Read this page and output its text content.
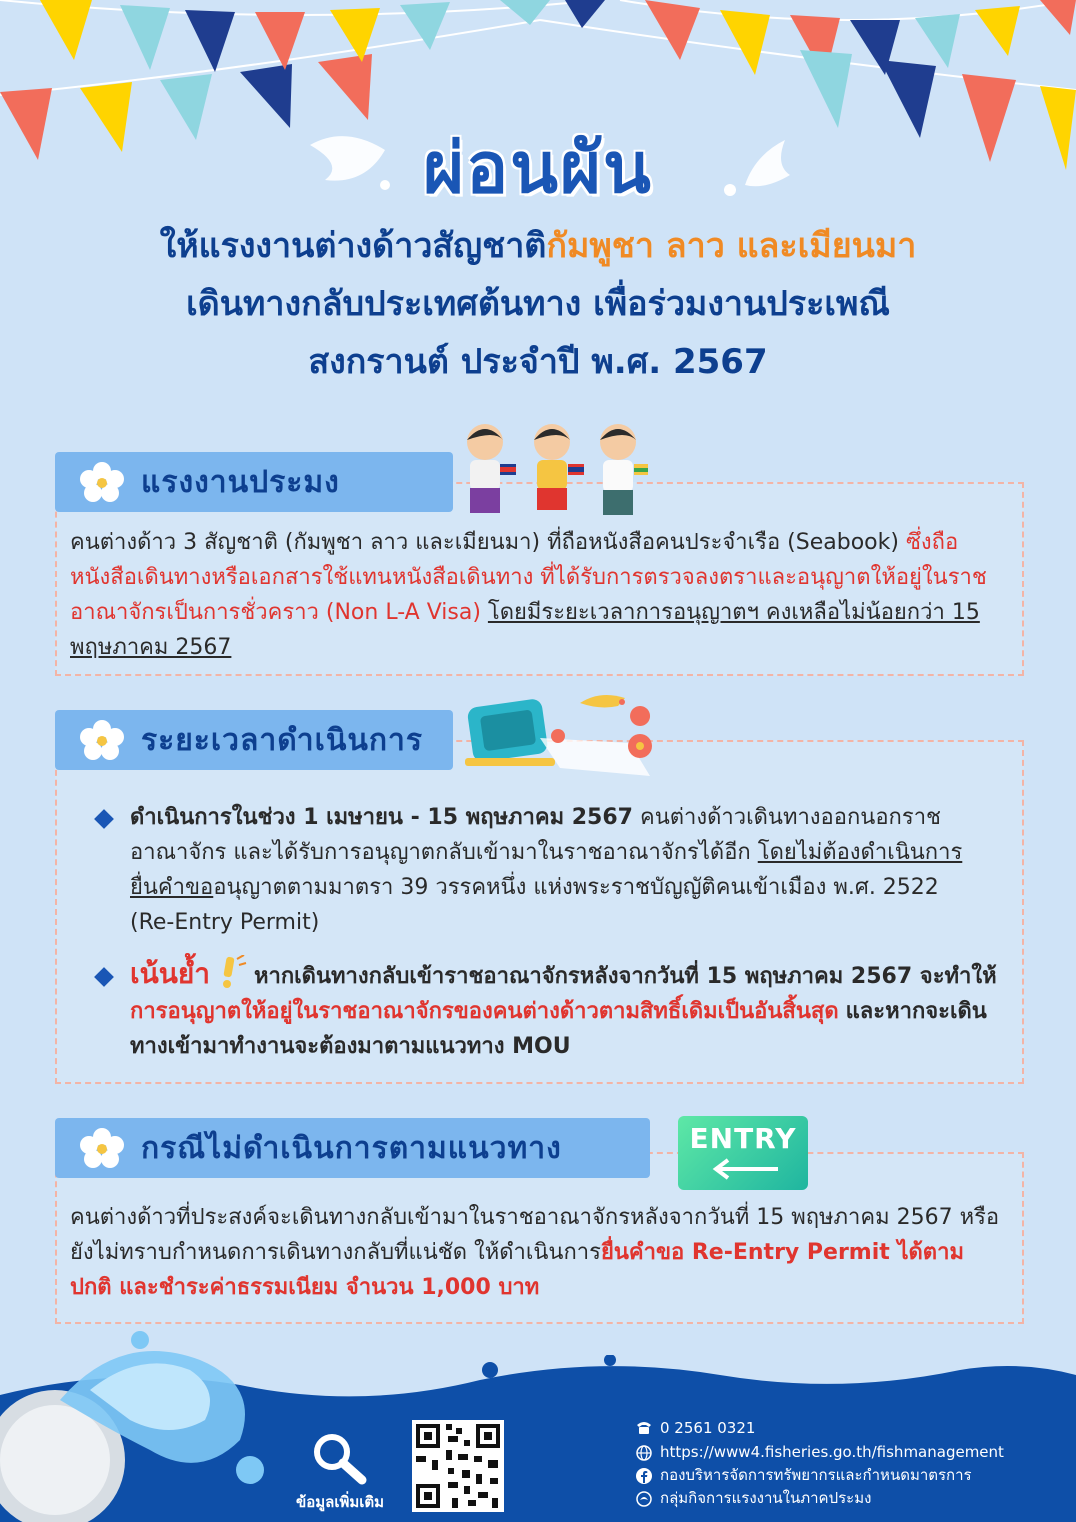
ผ่อนผัน
ให้แรงงานต่างด้าวสัญชาติกัมพูชา ลาว และเมียนมา
เดินทางกลับประเทศต้นทาง เพื่อร่วมงานประเพณี
สงกรานต์ ประจำปี พ.ศ. 2567
แรงงานประมง
คนต่างด้าว 3 สัญชาติ (กัมพูชา ลาว และเมียนมา) ที่ถือหนังสือคนประจำเรือ (Seabook) ซึ่งถือหนังสือเดินทางหรือเอกสารใช้แทนหนังสือเดินทาง ที่ได้รับการตรวจลงตราและอนุญาตให้อยู่ในราชอาณาจักรเป็นการชั่วคราว (Non L-A Visa) โดยมีระยะเวลาการอนุญาตฯ คงเหลือไม่น้อยกว่า 15 พฤษภาคม 2567
ระยะเวลาดำเนินการ
ดำเนินการในช่วง 1 เมษายน - 15 พฤษภาคม 2567 คนต่างด้าวเดินทางออกนอกราชอาณาจักร และได้รับการอนุญาตกลับเข้ามาในราชอาณาจักรได้อีก โดยไม่ต้องดำเนินการยื่นคำขออนุญาตตามมาตรา 39 วรรคหนึ่ง แห่งพระราชบัญญัติคนเข้าเมือง พ.ศ. 2522 (Re-Entry Permit)
เน้นย้ำ หากเดินทางกลับเข้าราชอาณาจักรหลังจากวันที่ 15 พฤษภาคม 2567 จะทำให้การอนุญาตให้อยู่ในราชอาณาจักรของคนต่างด้าวตามสิทธิ์เดิมเป็นอันสิ้นสุด และหากจะเดินทางเข้ามาทำงานจะต้องมาตามแนวทาง MOU
กรณีไม่ดำเนินการตามแนวทาง	ENTRY
คนต่างด้าวที่ประสงค์จะเดินทางกลับเข้ามาในราชอาณาจักรหลังจากวันที่ 15 พฤษภาคม 2567 หรือยังไม่ทราบกำหนดการเดินทางกลับที่แน่ชัด ให้ดำเนินการยื่นคำขอ Re-Entry Permit ได้ตามปกติ และชำระค่าธรรมเนียม จำนวน 1,000 บาท
ข้อมูลเพิ่มเติม
0 2561 0321
https://www4.fisheries.go.th/fishmanagement
กองบริหารจัดการทรัพยากรและกำหนดมาตรการ
กลุ่มกิจการแรงงานในภาคประมง
